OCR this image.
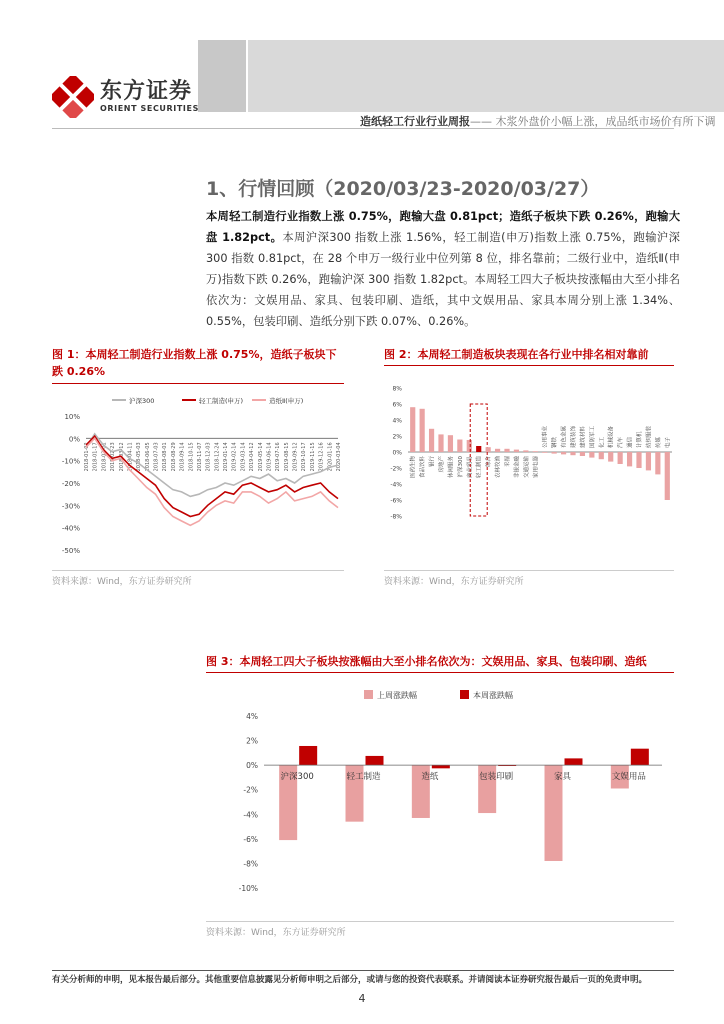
东方证券
ORIENT SECURITIES
造纸轻工行业行业周报—— 木浆外盘价小幅上涨，成品纸市场价有所下调
1、行情回顾（2020/03/23-2020/03/27）
本周轻工制造行业指数上涨 0.75%，跑输大盘 0.81pct；造纸子板块下跌 0.26%，跑输大盘 1.82pct。本周沪深300 指数上涨 1.56%，轻工制造(申万)指数上涨 0.75%，跑输沪深 300 指数 0.81pct，在 28 个申万一级行业中位列第 8 位，排名靠前；二级行业中，造纸Ⅱ(申万)指数下跌 0.26%，跑输沪深 300 指数 1.82pct。本周轻工四大子板块按涨幅由大至小排名依次为：文娱用品、家具、包装印刷、造纸，其中文娱用品、家具本周分别上涨 1.34%、0.55%，包装印刷、造纸分别下跌 0.07%、0.26%。
图 1：本周轻工制造行业指数上涨 0.75%，造纸子板块下跌 0.26%
10%
0%
-10%
-20%
-30%
-40%
-50%
2018-01-02 2018-01-17 2018-02-01 2018-02-23 2018-03-12 2018-04-11 2018-05-03 2018-06-05 2018-07-03 2018-08-01 2018-08-29 2018-09-14 2018-10-15 2018-11-07 2018-12-03 2018-12-24 2019-01-14 2019-02-14 2019-03-14 2019-04-12 2019-05-14 2019-06-14 2019-07-16 2019-08-15 2019-09-12 2019-10-17 2019-11-15 2019-12-16 2020-01-16 2020-03-04
沪深300	轻工制造(申万)	造纸Ⅱ(申万)
资料来源：Wind，东方证券研究所
图 2：本周轻工制造板块表现在各行业中排名相对靠前
8%
6%
4%
2%
0%
-2%
-4%
-6%
-8%
医药生物 食品饮料 银行 房地产 休闲服务 沪深300 商业贸易 轻工制造 综合 农林牧渔 采掘 非银金融 交通运输 家用电器
公用事业 钢铁 有色金属 建筑装饰 建筑材料 国防军工 化工 机械设备 汽车 通信 计算机 纺织服装 传媒 电子
资料来源：Wind，东方证券研究所
图 3：本周轻工四大子板块按涨幅由大至小排名依次为：文娱用品、家具、包装印刷、造纸
4%
2%
0%
-2%
-4%
-6%
-8%
-10%
上周涨跌幅	本周涨跌幅
沪深300	轻工制造	造纸	包装印刷	家具	文娱用品
资料来源：Wind，东方证券研究所
有关分析师的申明，见本报告最后部分。其他重要信息披露见分析师申明之后部分，或请与您的投资代表联系。并请阅读本证券研究报告最后一页的免责申明。
4
